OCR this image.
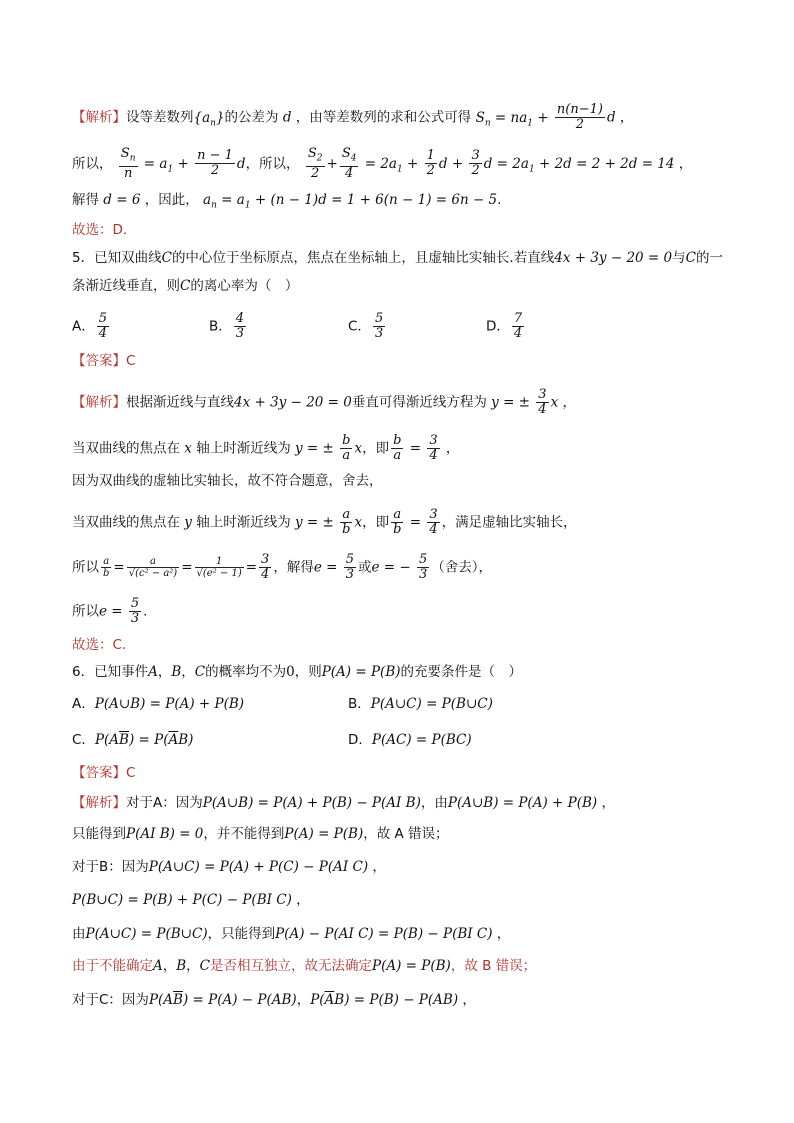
【解析】设等差数列$\{a_n\}$的公差为 d ，由等差数列的求和公式可得 $S_n = na_1 + \frac{n(n-1)}{2}$ d ，
所以， $\frac{S_n}{n} = a_1 + \frac{n - 1}{2}$ d，所以， $\frac{S_2}{2} + \frac{S_4}{4} = 2a_1 + \frac{1}{2}$ $d + \frac{3}{2}$ $d = 2a_1 + 2d = 2 + 2d = 14$ ，
解得 d = 6 ，因此， $a_n = a_1 + (n - 1)d = 1 + 6(n - 1) = 6n - 5$.
故选：D.
5．已知双曲线C的中心位于坐标原点，焦点在坐标轴上，且虚轴比实轴长.若直线4x + 3y − 20 = 0与C的一
条渐近线垂直，则C的离心率为（　）
A． $\frac{5}{4}$	B． $\frac{4}{3}$	C． $\frac{5}{3}$	D． $\frac{7}{4}$
【答案】C
【解析】根据渐近线与直线4x + 3y − 20 = 0垂直可得渐近线方程为 y = ± $\frac{3}{4}$ x ，
当双曲线的焦点在 x 轴上时渐近线为 y = ± $\frac{b}{a}$ x，即 $\frac{b}{a} = \frac{3}{4}$ ，
因为双曲线的虚轴比实轴长，故不符合题意，舍去，
当双曲线的焦点在 y 轴上时渐近线为 y = ± $\frac{a}{b}$ x，即 $\frac{a}{b} = \frac{3}{4}$ ，满足虚轴比实轴长，
所以 $\frac{a}{b} = \frac{a}{\text{√(c² − a²)}} = \frac{1}{\text{√(e² − 1)}} = \frac{3}{4}$ ，解得$e = \frac{5}{3}$ 或e = − $\frac{5}{3}$ （舍去），
所以$e = \frac{5}{3}$ .
故选：C.
6．已知事件A，B，C的概率均不为0，则P(A) = P(B)的充要条件是（　）
A．P(A∪B) = P(A) + P(B)	B．P(A∪C) = P(B∪C)
C．$P(A\overline{B}) = P(\overline{A}B)$	D．P(AC) = P(BC)
【答案】C
【解析】对于A：因为P(A∪B) = P(A) + P(B) − P(AI B)，由P(A∪B) = P(A) + P(B) ，
只能得到P(AI B) = 0，并不能得到P(A) = P(B)，故 A 错误；
对于B：因为P(A∪C) = P(A) + P(C) − P(AI C) ，
P(B∪C) = P(B) + P(C) − P(BI C) ，
由P(A∪C) = P(B∪C)，只能得到P(A) − P(AI C) = P(B) − P(BI C) ，
由于不能确定A，B，C是否相互独立，故无法确定P(A) = P(B)，故 B 错误；
对于C：因为$P(A\overline{B}) = P(A) - P(AB)$，$P(\overline{A}B) = P(B) - P(AB)$ ，
